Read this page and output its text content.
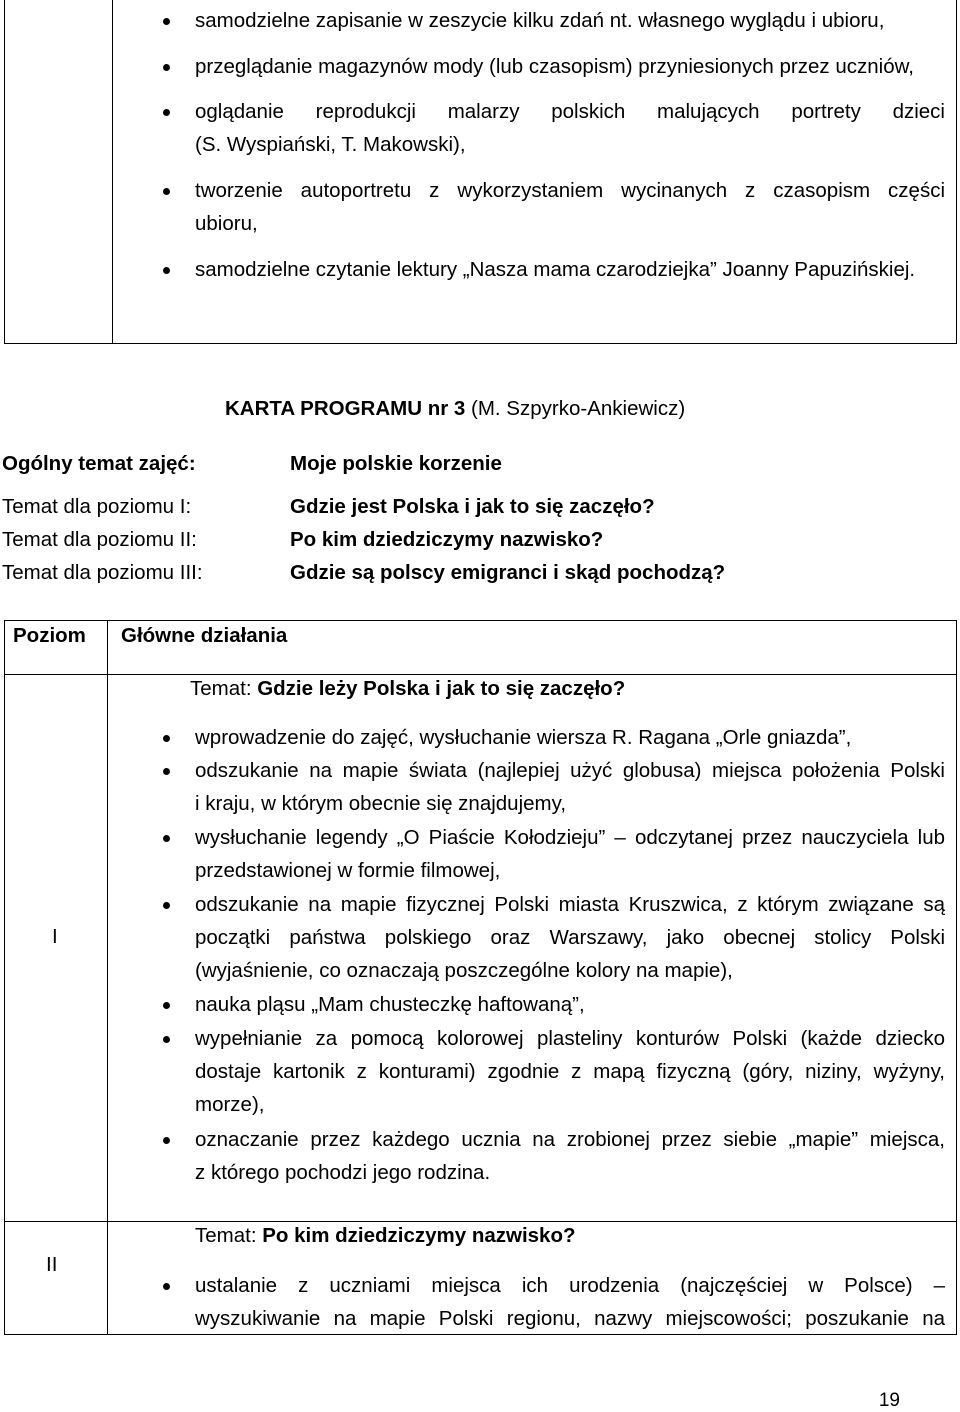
samodzielne zapisanie w zeszycie kilku zdań nt. własnego wyglądu i ubioru,
przeglądanie magazynów mody (lub czasopism) przyniesionych przez uczniów,
oglądanie reprodukcji malarzy polskich malujących portrety dzieci
(S. Wyspiański, T. Makowski),
tworzenie autoportretu z wykorzystaniem wycinanych z czasopism części
ubioru,
samodzielne czytanie lektury „Nasza mama czarodziejka” Joanny Papuzińskiej.
KARTA PROGRAMU nr 3 (M. Szpyrko-Ankiewicz)
Ogólny temat zajęć:	Moje polskie korzenie
Temat dla poziomu I:	Gdzie jest Polska i jak to się zaczęło?
Temat dla poziomu II:	Po kim dziedziczymy nazwisko?
Temat dla poziomu III:	Gdzie są polscy emigranci i skąd pochodzą?
Poziom Główne działania
I
Temat: Gdzie leży Polska i jak to się zaczęło?
wprowadzenie do zajęć, wysłuchanie wiersza R. Ragana „Orle gniazda”,
odszukanie na mapie świata (najlepiej użyć globusa) miejsca położenia Polski
i kraju, w którym obecnie się znajdujemy,
wysłuchanie legendy „O Piaście Kołodzieju” – odczytanej przez nauczyciela lub
przedstawionej w formie filmowej,
odszukanie na mapie fizycznej Polski miasta Kruszwica, z którym związane są
początki państwa polskiego oraz Warszawy, jako obecnej stolicy Polski
(wyjaśnienie, co oznaczają poszczególne kolory na mapie),
nauka pląsu „Mam chusteczkę haftowaną”,
wypełnianie za pomocą kolorowej plasteliny konturów Polski (każde dziecko
dostaje kartonik z konturami) zgodnie z mapą fizyczną (góry, niziny, wyżyny,
morze),
oznaczanie przez każdego ucznia na zrobionej przez siebie „mapie” miejsca,
z którego pochodzi jego rodzina.
II
Temat: Po kim dziedziczymy nazwisko?
ustalanie z uczniami miejsca ich urodzenia (najczęściej w Polsce) –
wyszukiwanie na mapie Polski regionu, nazwy miejscowości; poszukanie na
19
